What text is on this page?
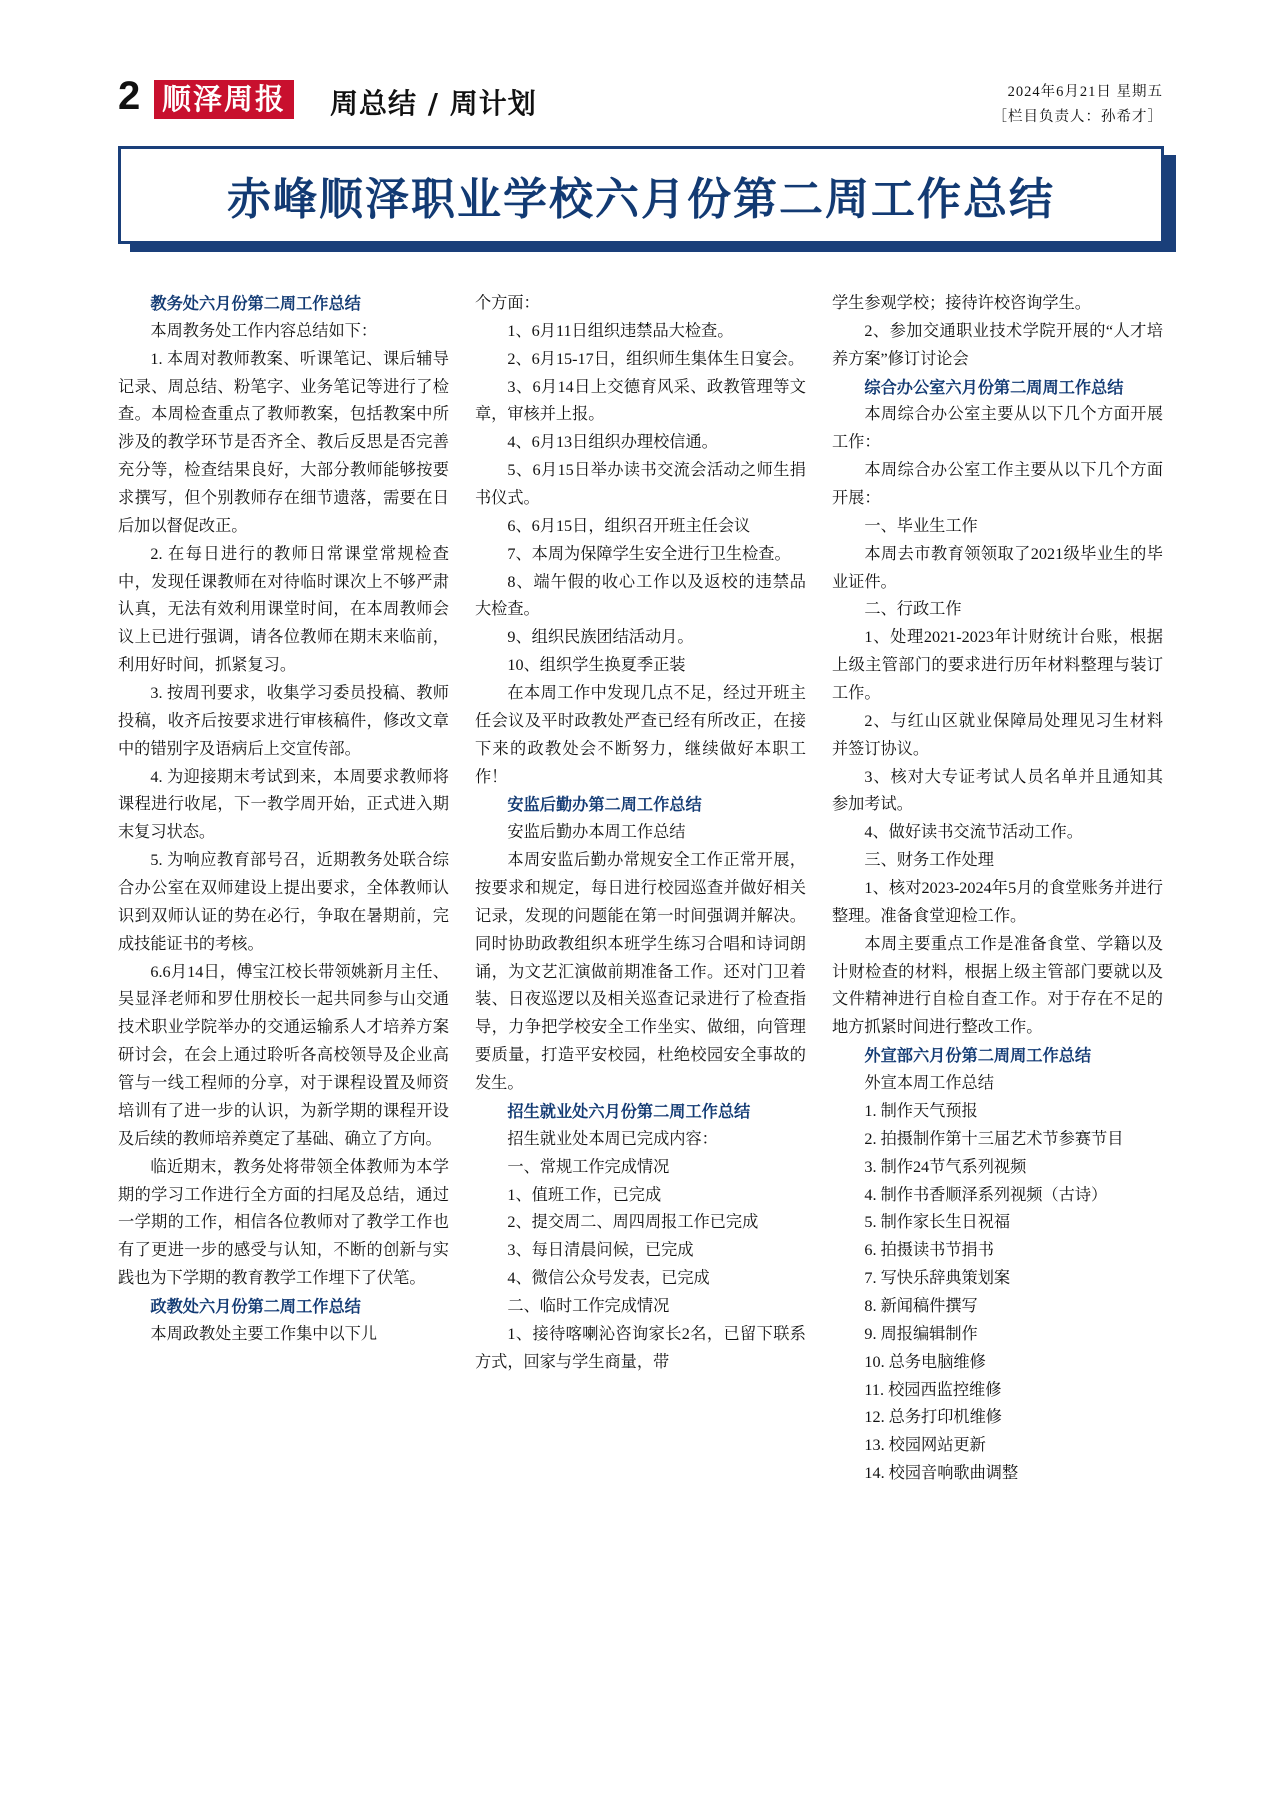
2 顺泽周报 周总结 / 周计划	2024年6月21日 星期五
［栏目负责人：孙希才］
赤峰顺泽职业学校六月份第二周工作总结

教务处六月份第二周工作总结

本周教务处工作内容总结如下：

1. 本周对教师教案、听课笔记、课后辅导记录、周总结、粉笔字、业务笔记等进行了检查。本周检查重点了教师教案，包括教案中所涉及的教学环节是否齐全、教后反思是否完善充分等，检查结果良好，大部分教师能够按要求撰写，但个别教师存在细节遗落，需要在日后加以督促改正。

2. 在每日进行的教师日常课堂常规检查中，发现任课教师在对待临时课次上不够严肃认真，无法有效利用课堂时间，在本周教师会议上已进行强调，请各位教师在期末来临前，利用好时间，抓紧复习。

3. 按周刊要求，收集学习委员投稿、教师投稿，收齐后按要求进行审核稿件，修改文章中的错别字及语病后上交宣传部。

4. 为迎接期末考试到来，本周要求教师将课程进行收尾，下一教学周开始，正式进入期末复习状态。

5. 为响应教育部号召，近期教务处联合综合办公室在双师建设上提出要求，全体教师认识到双师认证的势在必行，争取在暑期前，完成技能证书的考核。

6.6月14日，傅宝江校长带领姚新月主任、吴显泽老师和罗仕朋校长一起共同参与山交通技术职业学院举办的交通运输系人才培养方案研讨会，在会上通过聆听各高校领导及企业高管与一线工程师的分享，对于课程设置及师资培训有了进一步的认识，为新学期的课程开设及后续的教师培养奠定了基础、确立了方向。

临近期末，教务处将带领全体教师为本学期的学习工作进行全方面的扫尾及总结，通过一学期的工作，相信各位教师对了教学工作也有了更进一步的感受与认知，不断的创新与实践也为下学期的教育教学工作埋下了伏笔。

政教处六月份第二周工作总结

本周政教处主要工作集中以下儿

个方面：

1、6月11日组织违禁品大检查。

2、6月15-17日，组织师生集体生日宴会。

3、6月14日上交德育风采、政教管理等文章，审核并上报。

4、6月13日组织办理校信通。

5、6月15日举办读书交流会活动之师生捐书仪式。

6、6月15日，组织召开班主任会议

7、本周为保障学生安全进行卫生检查。

8、端午假的收心工作以及返校的违禁品大检查。

9、组织民族团结活动月。

10、组织学生换夏季正装

在本周工作中发现几点不足，经过开班主任会议及平时政教处严查已经有所改正，在接下来的政教处会不断努力，继续做好本职工作！

安监后勤办第二周工作总结

安监后勤办本周工作总结

本周安监后勤办常规安全工作正常开展，按要求和规定，每日进行校园巡查并做好相关记录，发现的问题能在第一时间强调并解决。同时协助政教组织本班学生练习合唱和诗词朗诵，为文艺汇演做前期准备工作。还对门卫着装、日夜巡逻以及相关巡查记录进行了检查指导，力争把学校安全工作坐实、做细，向管理要质量，打造平安校园，杜绝校园安全事故的发生。

招生就业处六月份第二周工作总结

招生就业处本周已完成内容：

一、常规工作完成情况

1、值班工作，已完成

2、提交周二、周四周报工作已完成

3、每日清晨问候，已完成

4、微信公众号发表，已完成

二、临时工作完成情况

1、接待喀喇沁咨询家长2名，已留下联系方式，回家与学生商量，带

学生参观学校；接待许校咨询学生。

2、参加交通职业技术学院开展的“人才培养方案”修订讨论会

综合办公室六月份第二周周工作总结

本周综合办公室主要从以下几个方面开展工作：

本周综合办公室工作主要从以下几个方面开展：

一、毕业生工作

本周去市教育领领取了2021级毕业生的毕业证件。

二、行政工作

1、处理2021-2023年计财统计台账，根据上级主管部门的要求进行历年材料整理与装订工作。

2、与红山区就业保障局处理见习生材料并签订协议。

3、核对大专证考试人员名单并且通知其参加考试。

4、做好读书交流节活动工作。

三、财务工作处理

1、核对2023-2024年5月的食堂账务并进行整理。准备食堂迎检工作。

本周主要重点工作是准备食堂、学籍以及计财检查的材料，根据上级主管部门要就以及文件精神进行自检自查工作。对于存在不足的地方抓紧时间进行整改工作。

外宣部六月份第二周周工作总结

外宣本周工作总结

1. 制作天气预报

2. 拍摄制作第十三届艺术节参赛节目

3. 制作24节气系列视频

4. 制作书香顺泽系列视频（古诗）

5. 制作家长生日祝福

6. 拍摄读书节捐书

7. 写快乐辞典策划案

8. 新闻稿件撰写

9. 周报编辑制作

10. 总务电脑维修

11. 校园西监控维修

12. 总务打印机维修

13. 校园网站更新

14. 校园音响歌曲调整
